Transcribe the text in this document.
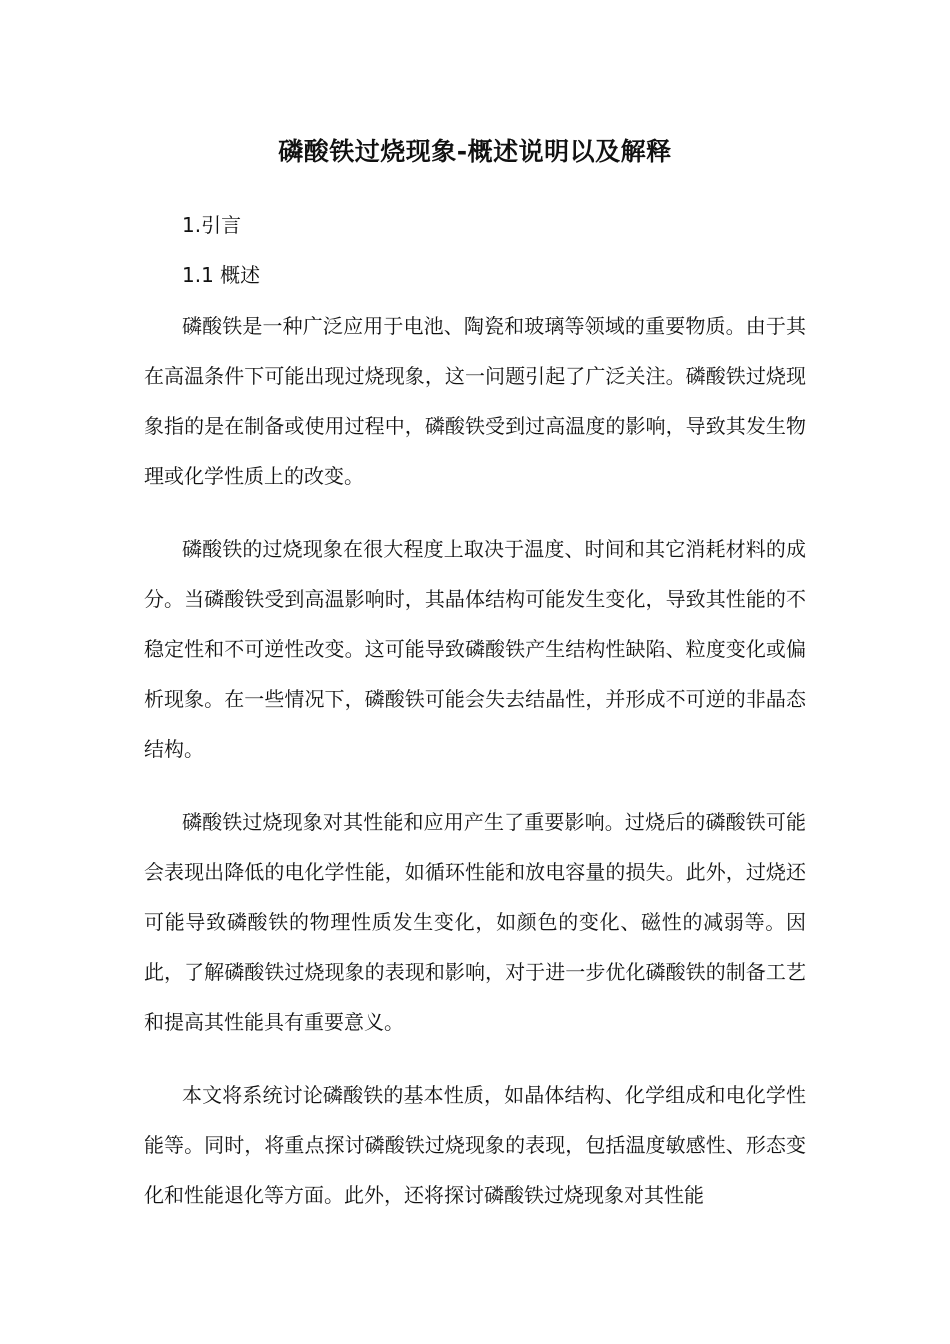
磷酸铁过烧现象-概述说明以及解释
1.引言
1.1 概述

磷酸铁是一种广泛应用于电池、陶瓷和玻璃等领域的重要物质。由于其在高温条件下可能出现过烧现象，这一问题引起了广泛关注。磷酸铁过烧现象指的是在制备或使用过程中，磷酸铁受到过高温度的影响，导致其发生物理或化学性质上的改变。

磷酸铁的过烧现象在很大程度上取决于温度、时间和其它消耗材料的成分。当磷酸铁受到高温影响时，其晶体结构可能发生变化，导致其性能的不稳定性和不可逆性改变。这可能导致磷酸铁产生结构性缺陷、粒度变化或偏析现象。在一些情况下，磷酸铁可能会失去结晶性，并形成不可逆的非晶态结构。

磷酸铁过烧现象对其性能和应用产生了重要影响。过烧后的磷酸铁可能会表现出降低的电化学性能，如循环性能和放电容量的损失。此外，过烧还可能导致磷酸铁的物理性质发生变化，如颜色的变化、磁性的减弱等。因此，了解磷酸铁过烧现象的表现和影响，对于进一步优化磷酸铁的制备工艺和提高其性能具有重要意义。

本文将系统讨论磷酸铁的基本性质，如晶体结构、化学组成和电化学性能等。同时，将重点探讨磷酸铁过烧现象的表现，包括温度敏感性、形态变化和性能退化等方面。此外，还将探讨磷酸铁过烧现象对其性能
